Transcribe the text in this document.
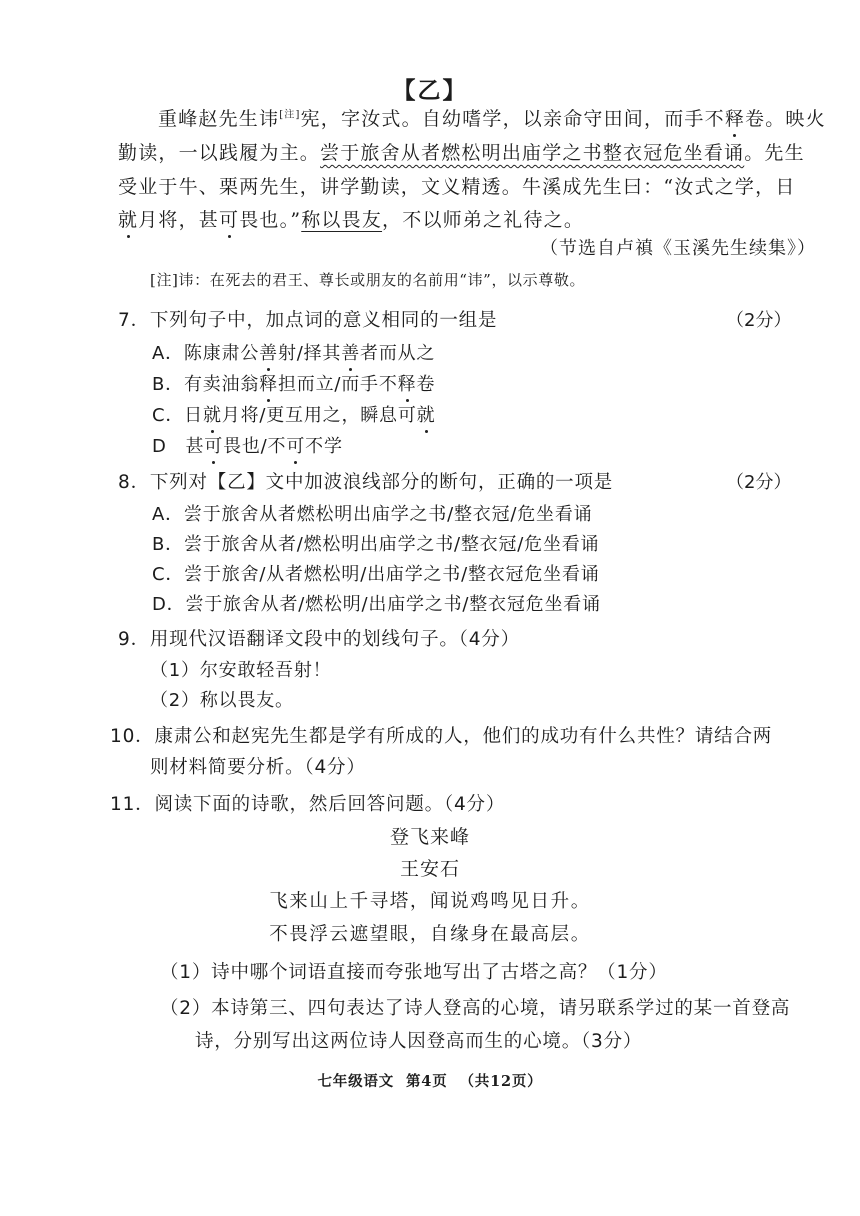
【乙】
重峰赵先生讳[注]宪，字汝式。自幼嗜学，以亲命守田间，而手不释卷。映火
勤读，一以践履为主。尝于旅舍从者燃松明出庙学之书整衣冠危坐看诵。先生
受业于牛、栗两先生，讲学勤读，文义精透。牛溪成先生曰：“汝式之学，日
就月将，甚可畏也。”称以畏友，不以师弟之礼待之。
（节选自卢禛《玉溪先生续集》）
[注]讳：在死去的君王、尊长或朋友的名前用“讳”，以示尊敬。
7．下列句子中，加点词的意义相同的一组是	（2分）
A．陈康肃公善射/择其善者而从之
B．有卖油翁释担而立/而手不释卷
C．日就月将/更互用之，瞬息可就
D　甚可畏也/不可不学
8．下列对【乙】文中加波浪线部分的断句，正确的一项是	（2分）
A．尝于旅舍从者燃松明出庙学之书/整衣冠/危坐看诵
B．尝于旅舍从者/燃松明出庙学之书/整衣冠/危坐看诵
C．尝于旅舍/从者燃松明/出庙学之书/整衣冠危坐看诵
D．尝于旅舍从者/燃松明/出庙学之书/整衣冠危坐看诵
9．用现代汉语翻译文段中的划线句子。（4分）
（1）尔安敢轻吾射！
（2）称以畏友。
10．康肃公和赵宪先生都是学有所成的人，他们的成功有什么共性？请结合两
则材料简要分析。（4分）
11．阅读下面的诗歌，然后回答问题。（4分）
登飞来峰
王安石
飞来山上千寻塔，闻说鸡鸣见日升。
不畏浮云遮望眼，自缘身在最高层。
（1）诗中哪个词语直接而夸张地写出了古塔之高？（1分）
（2）本诗第三、四句表达了诗人登高的心境，请另联系学过的某一首登高
诗，分别写出这两位诗人因登高而生的心境。（3分）
七年级语文 第4页 （共12页）
